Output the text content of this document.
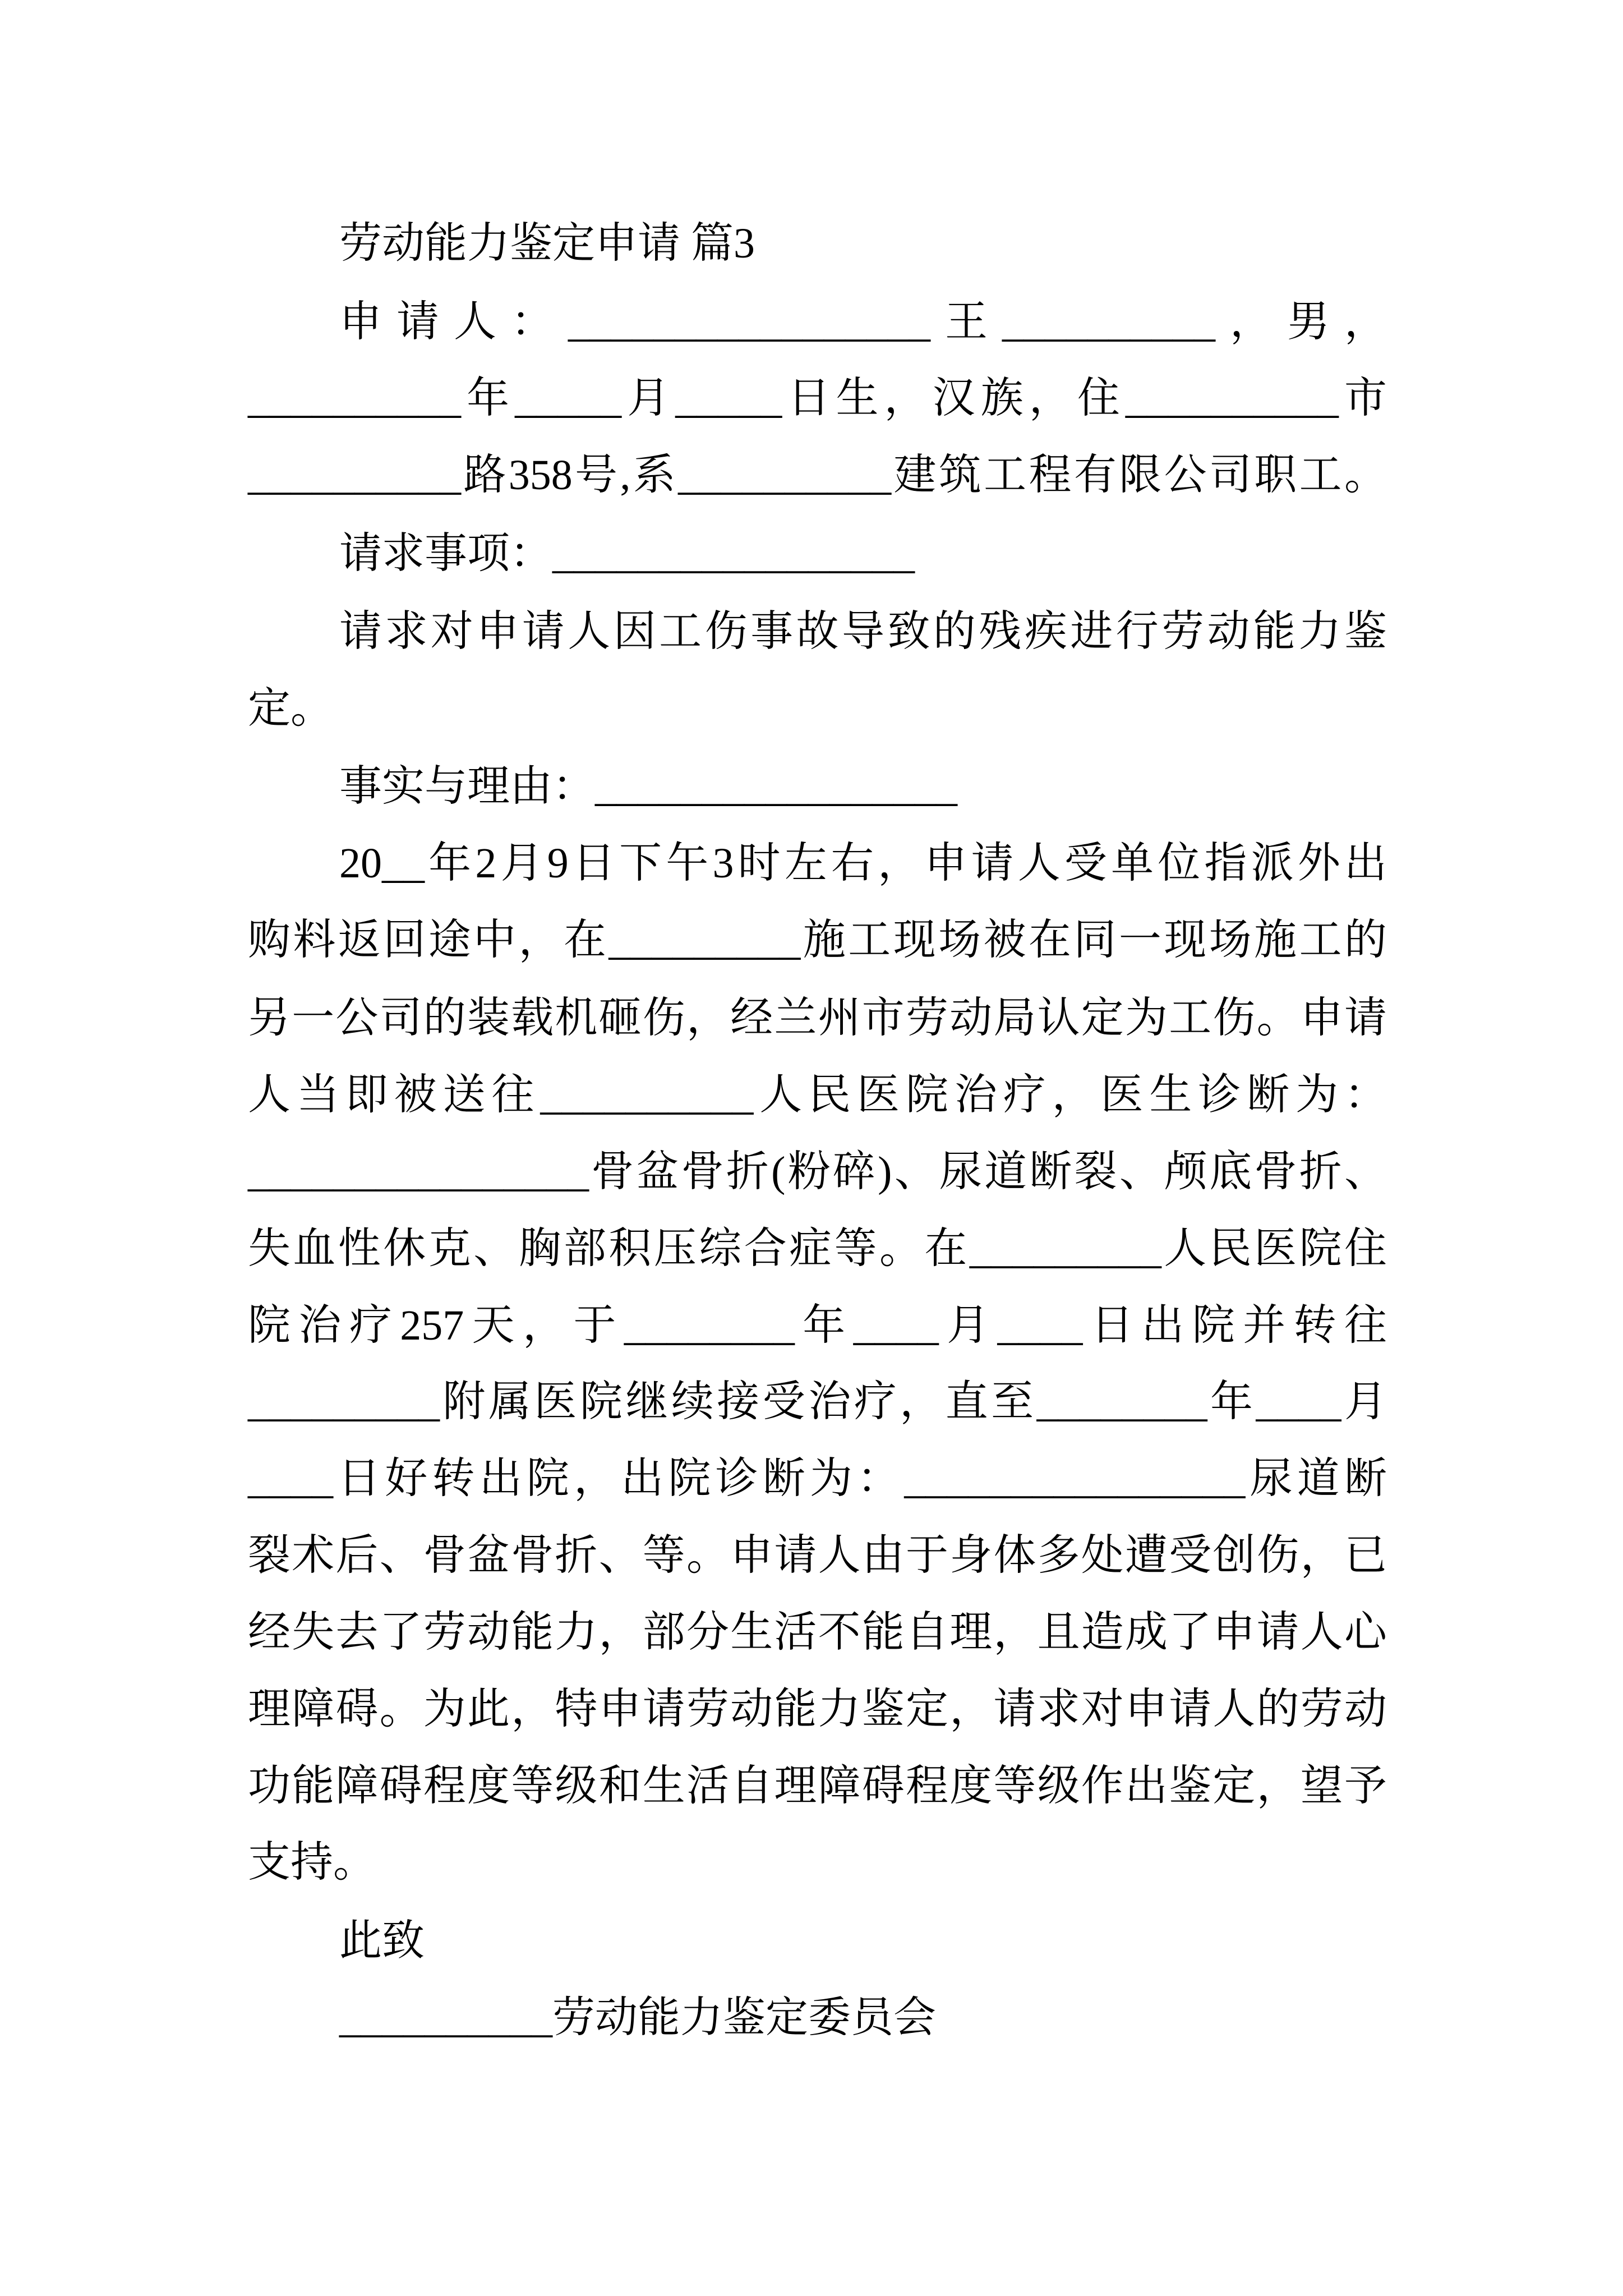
劳动能力鉴定申请 篇3
申请人：_________________王__________，男，
__________年_____月_____日生，汉族，住__________市
__________路358号,系__________建筑工程有限公司职工。
请求事项：_________________
请求对申请人因工伤事故导致的残疾进行劳动能力鉴
定。
事实与理由：_________________
20__年2月9日下午3时左右，申请人受单位指派外出
购料返回途中，在_________施工现场被在同一现场施工的
另一公司的装载机砸伤，经兰州市劳动局认定为工伤。申请
人当即被送往__________人民医院治疗，医生诊断为：
________________骨盆骨折(粉碎)、尿道断裂、颅底骨折、
失血性休克、胸部积压综合症等。在_________人民医院住
院治疗257天，于________年____月____日出院并转往
_________附属医院继续接受治疗，直至________年____月
____日好转出院，出院诊断为：________________尿道断
裂术后、骨盆骨折、等。申请人由于身体多处遭受创伤，已
经失去了劳动能力，部分生活不能自理，且造成了申请人心
理障碍。为此，特申请劳动能力鉴定，请求对申请人的劳动
功能障碍程度等级和生活自理障碍程度等级作出鉴定，望予
支持。
此致
__________劳动能力鉴定委员会
